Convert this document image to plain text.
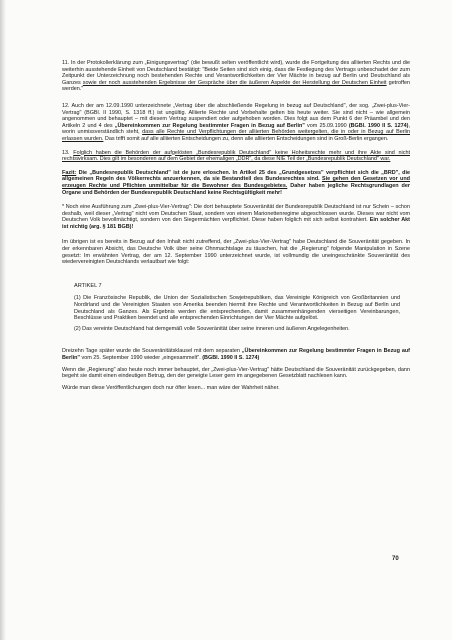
11. In der Protokollerklärung zum „Einigungsvertrag" (die bewußt selten veröffentlicht wird), wurde die Fortgeltung des alliierten Rechts und die weiterhin ausstehende Einheit von Deutschland bestätigt: "Beide Seiten sind sich einig, dass die Festlegung des Vertrags unbeschadet der zum Zeitpunkt der Unterzeichnung noch bestehenden Rechte und Verantwortlichkeiten der Vier Mächte in bezug auf Berlin und Deutschland als Ganzes sowie der noch ausstehenden Ergebnisse der Gespräche über die äußeren Aspekte der Herstellung der Deutschen Einheit getroffen werden."

12. Auch der am 12.09.1990 unterzeichnete „Vertrag über die abschließende Regelung in bezug auf Deutschland", der sog. „Zwei-plus-Vier-Vertrag" (BGBl. II 1990, S. 1318 ff.) ist ungültig. Alliierte Rechte und Vorbehalte gelten bis heute weiter. Sie sind nicht – wie allgemein angenommen und behauptet – mit diesem Vertrag suspendiert oder aufgehoben worden. Dies folgt aus dem Punkt 6 der Präambel und den Artikeln 2 und 4 des „Übereinkommen zur Regelung bestimmter Fragen in Bezug auf Berlin" vom 25.09.1990 (BGBl. 1990 II S. 1274), worin unmissverständlich steht, dass alle Rechte und Verpflichtungen der alliierten Behörden weitergelten, die in oder in Bezug auf Berlin erlassen wurden. Das trifft somit auf alle alliierten Entscheidungen zu, denn alle alliierten Entscheidungen sind in Groß-Berlin ergangen.

13. Folglich haben die Behörden der aufgelösten „Bundesrepublik Deutschland" keine Hoheitsrechte mehr und ihre Akte sind nicht rechtswirksam. Dies gilt im besonderen auf dem Gebiet der ehemaligen „DDR", da diese NIE Teil der „Bundesrepublik Deutschland" war.

Fazit: Die „Bundesrepublik Deutschland" ist de jure erloschen. In Artikel 25 des „Grundgesetzes" verpflichtet sich die „BRD", die allgemeinen Regeln des Völkerrechts anzuerkennen, da sie Bestandteil des Bundesrechtes sind. Sie gehen den Gesetzen vor und erzeugen Rechte und Pflichten unmittelbar für die Bewohner des Bundesgebietes. Daher haben jegliche Rechtsgrundlagen der Organe und Behörden der Bundesrepublik Deutschland keine Rechtsgültigkeit mehr!

* Noch eine Ausführung zum „Zwei-plus-Vier-Vertrag": Die dort behauptete Souveränität der Bundesrepublik Deutschland ist nur Schein – schon deshalb, weil dieser „Vertrag" nicht vom Deutschen Staat, sondern von einem Marionettenregime abgeschlossen wurde. Dieses war nicht vom Deutschen Volk bevollmächtigt, sondern von den Siegermächten verpflichtet. Diese haben folglich mit sich selbst kontrahiert. Ein solcher Akt ist nichtig (arg. § 181 BGB)!

Im übrigen ist es bereits in Bezug auf den Inhalt nicht zutreffend, der „Zwei-plus-Vier-Vertrag" habe Deutschland die Souveränität gegeben. In der erkennbaren Absicht, das Deutsche Volk über seine Ohnmachtslage zu täuschen, hat die „Regierung" folgende Manipulation in Szene gesetzt: Im erwähnten Vertrag, der am 12. September 1990 unterzeichnet wurde, ist vollmundig die uneingeschränkte Souveränität des wiedervereinigten Deutschlands verlautbart wie folgt:

ARTIKEL 7

(1) Die Französische Republik, die Union der Sozialistischen Sowjetrepubliken, das Vereinigte Königreich von Großbritannien und Nordirland und die Vereinigten Staaten von Amerika beenden hiermit ihre Rechte und Verantwortlichkeiten in Bezug auf Berlin und Deutschland als Ganzes. Als Ergebnis werden die entsprechenden, damit zusammenhängenden vierseitigen Vereinbarungen, Beschlüsse und Praktiken beendet und alle entsprechenden Einrichtungen der Vier Mächte aufgelöst.

(2) Das vereinte Deutschland hat demgemäß volle Souveränität über seine inneren und äußeren Angelegenheiten.

Dreizehn Tage später wurde die Souveränitätsklausel mit dem separaten „Übereinkommen zur Regelung bestimmter Fragen in Bezug auf Berlin" vom 25. September 1990 wieder „eingesammelt". (BGBl. 1990 II S. 1274)

Wenn die „Regierung" also heute noch immer behauptet, der „Zwei-plus-Vier-Vertrag" hätte Deutschland die Souveränität zurückgegeben, dann begeht sie damit einen eindeutigen Betrug, den der geneigte Leser gern im angegebenen Gesetzblatt nachlesen kann.

Würde man diese Veröffentlichungen doch nur öfter lesen... man wäre der Wahrheit näher.

70
